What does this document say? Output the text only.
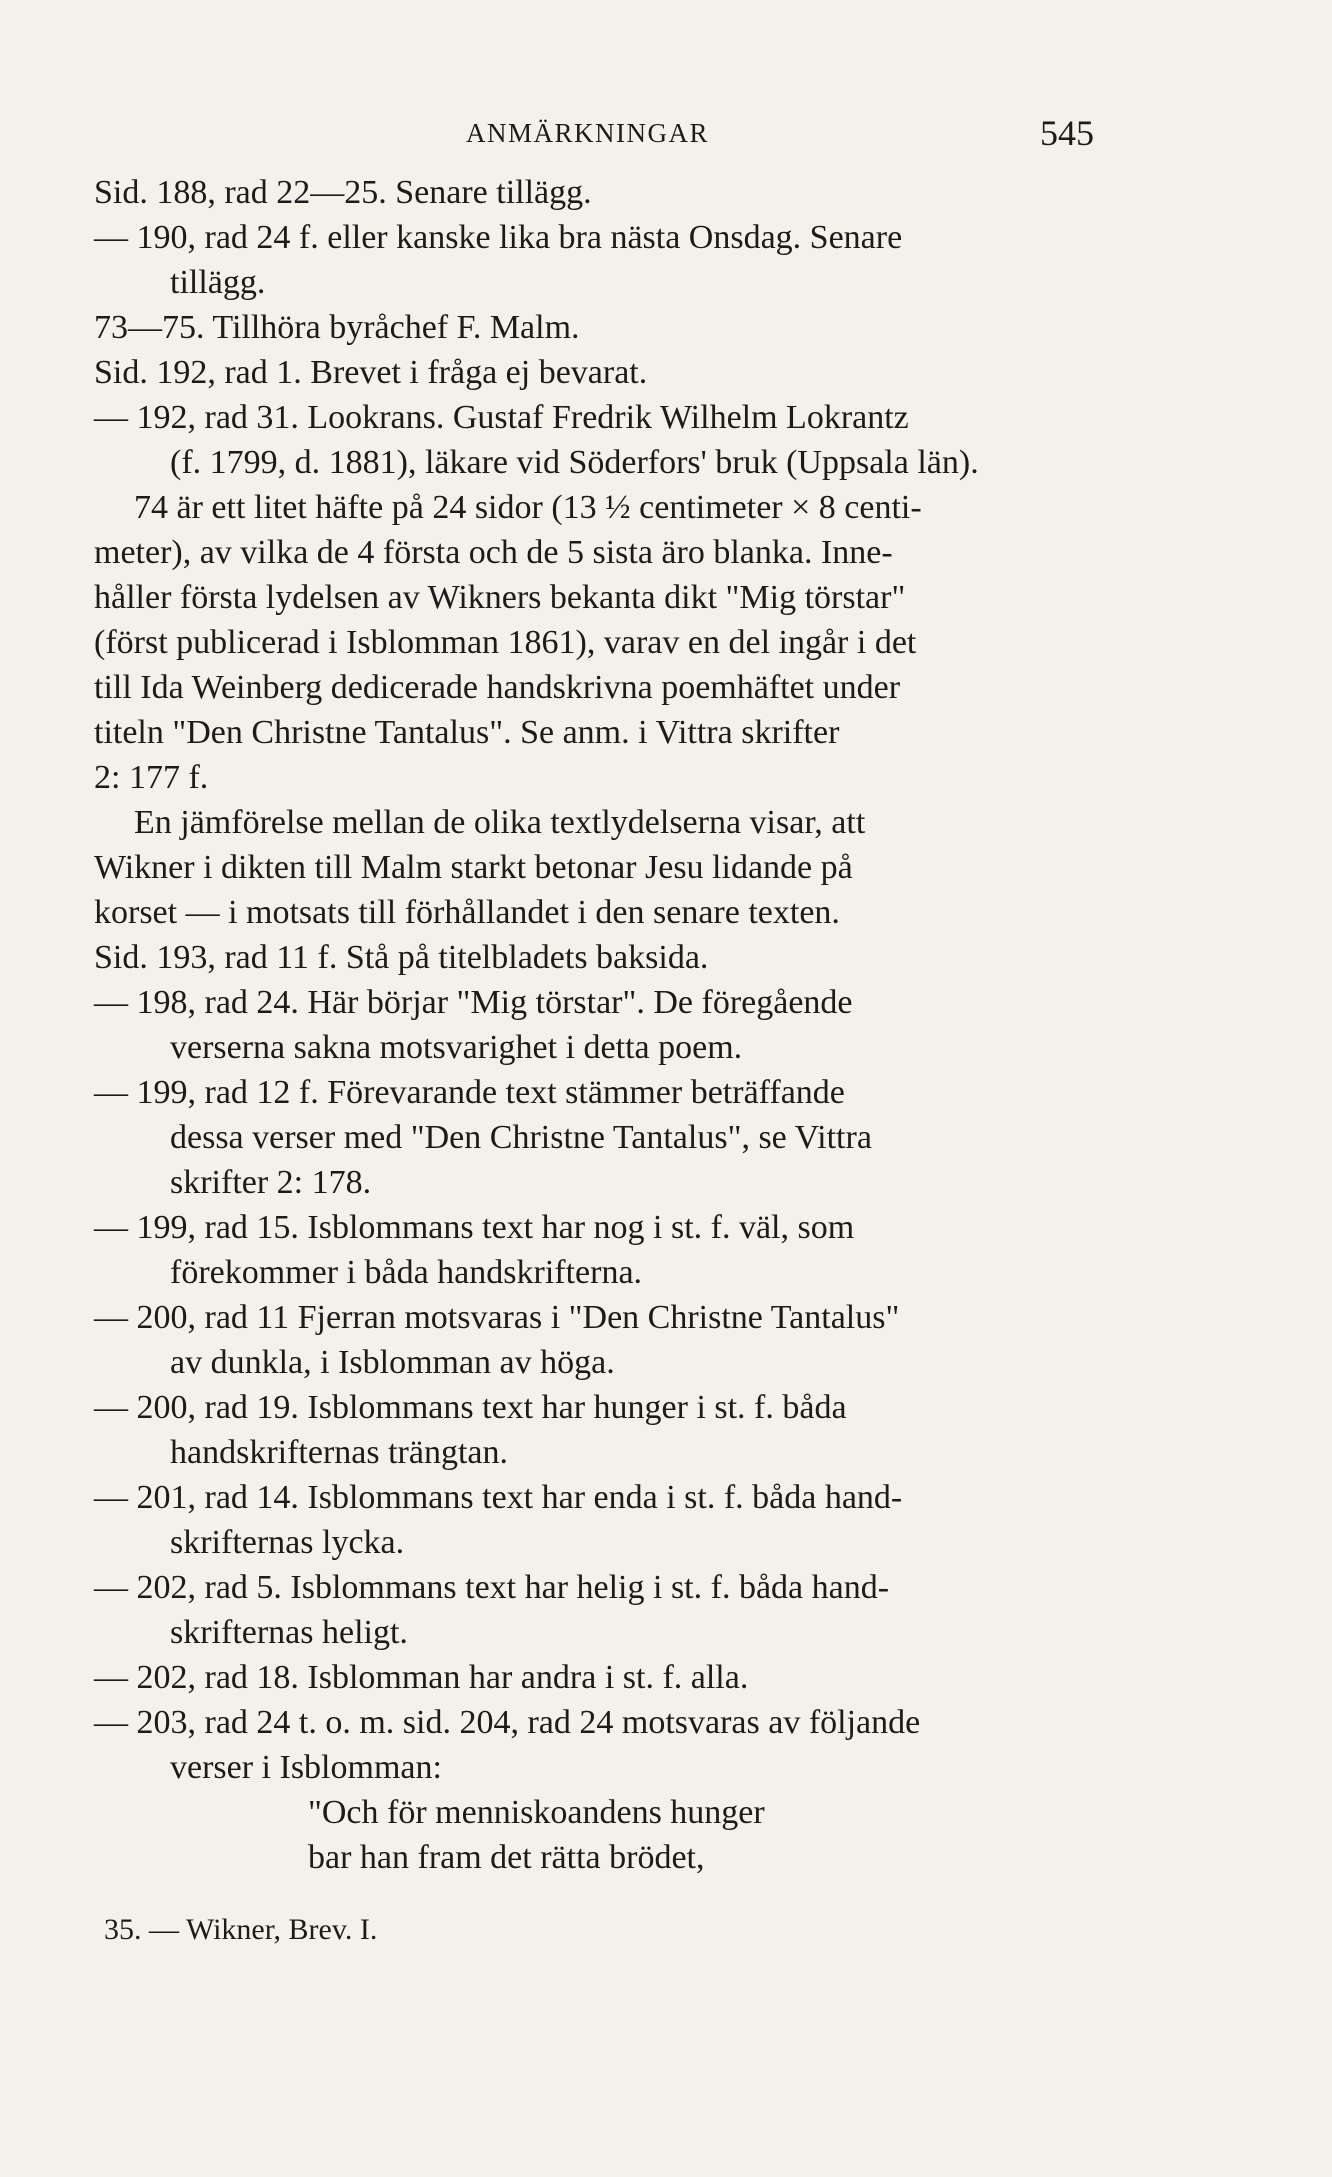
ANMÄRKNINGAR	545
Sid. 188, rad 22—25. Senare tillägg.
— 190, rad 24 f. eller kanske lika bra nästa Onsdag. Senare
tillägg.
73—75. Tillhöra byråchef F. Malm.
Sid. 192, rad 1. Brevet i fråga ej bevarat.
— 192, rad 31. Lookrans. Gustaf Fredrik Wilhelm Lokrantz
(f. 1799, d. 1881), läkare vid Söderfors' bruk (Uppsala län).
74 är ett litet häfte på 24 sidor (13 ½ centimeter × 8 centi-
meter), av vilka de 4 första och de 5 sista äro blanka. Inne-
håller första lydelsen av Wikners bekanta dikt "Mig törstar"
(först publicerad i Isblomman 1861), varav en del ingår i det
till Ida Weinberg dedicerade handskrivna poemhäftet under
titeln "Den Christne Tantalus". Se anm. i Vittra skrifter
2: 177 f.
En jämförelse mellan de olika textlydelserna visar, att
Wikner i dikten till Malm starkt betonar Jesu lidande på
korset — i motsats till förhållandet i den senare texten.
Sid. 193, rad 11 f. Stå på titelbladets baksida.
— 198, rad 24. Här börjar "Mig törstar". De föregående
verserna sakna motsvarighet i detta poem.
— 199, rad 12 f. Förevarande text stämmer beträffande
dessa verser med "Den Christne Tantalus", se Vittra
skrifter 2: 178.
— 199, rad 15. Isblommans text har nog i st. f. väl, som
förekommer i båda handskrifterna.
— 200, rad 11 Fjerran motsvaras i "Den Christne Tantalus"
av dunkla, i Isblomman av höga.
— 200, rad 19. Isblommans text har hunger i st. f. båda
handskrifternas trängtan.
— 201, rad 14. Isblommans text har enda i st. f. båda hand-
skrifternas lycka.
— 202, rad 5. Isblommans text har helig i st. f. båda hand-
skrifternas heligt.
— 202, rad 18. Isblomman har andra i st. f. alla.
— 203, rad 24 t. o. m. sid. 204, rad 24 motsvaras av följande
verser i Isblomman:
"Och för menniskoandens hunger
bar han fram det rätta brödet,
35. — Wikner, Brev. I.
